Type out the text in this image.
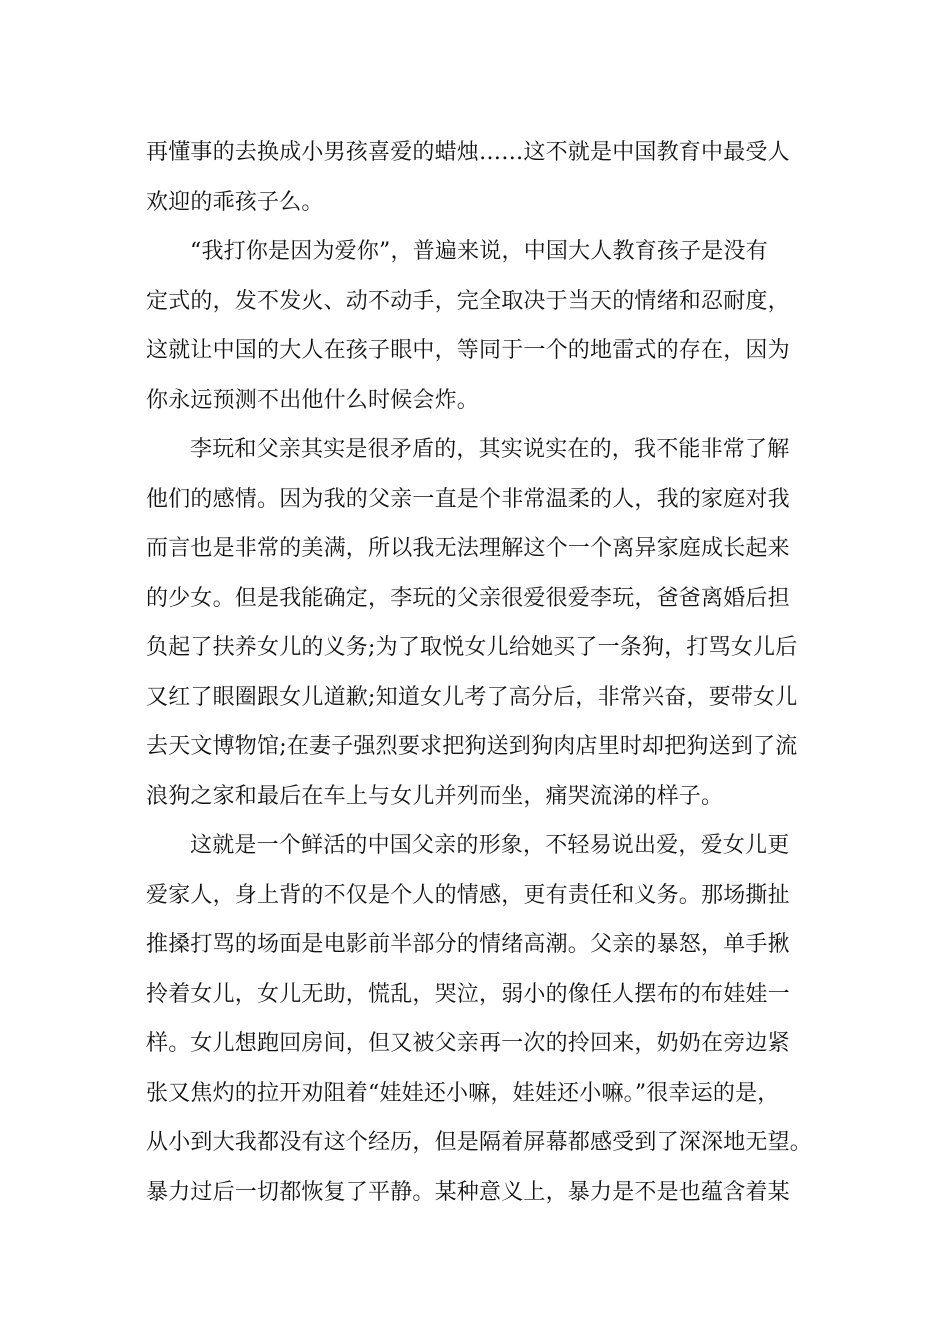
再懂事的去换成小男孩喜爱的蜡烛……这不就是中国教育中最受人
欢迎的乖孩子么。
“我打你是因为爱你”，普遍来说，中国大人教育孩子是没有
定式的，发不发火、动不动手，完全取决于当天的情绪和忍耐度，
这就让中国的大人在孩子眼中，等同于一个的地雷式的存在，因为
你永远预测不出他什么时候会炸。
李玩和父亲其实是很矛盾的，其实说实在的，我不能非常了解
他们的感情。因为我的父亲一直是个非常温柔的人，我的家庭对我
而言也是非常的美满，所以我无法理解这个一个离异家庭成长起来
的少女。但是我能确定，李玩的父亲很爱很爱李玩，爸爸离婚后担
负起了扶养女儿的义务;为了取悦女儿给她买了一条狗，打骂女儿后
又红了眼圈跟女儿道歉;知道女儿考了高分后，非常兴奋，要带女儿
去天文博物馆;在妻子强烈要求把狗送到狗肉店里时却把狗送到了流
浪狗之家和最后在车上与女儿并列而坐，痛哭流涕的样子。
这就是一个鲜活的中国父亲的形象，不轻易说出爱，爱女儿更
爱家人，身上背的不仅是个人的情感，更有责任和义务。那场撕扯
推搡打骂的场面是电影前半部分的情绪高潮。父亲的暴怒，单手揪
拎着女儿，女儿无助，慌乱，哭泣，弱小的像任人摆布的布娃娃一
样。女儿想跑回房间，但又被父亲再一次的拎回来，奶奶在旁边紧
张又焦灼的拉开劝阻着“娃娃还小嘛，娃娃还小嘛。”很幸运的是，
从小到大我都没有这个经历，但是隔着屏幕都感受到了深深地无望。
暴力过后一切都恢复了平静。某种意义上，暴力是不是也蕴含着某
